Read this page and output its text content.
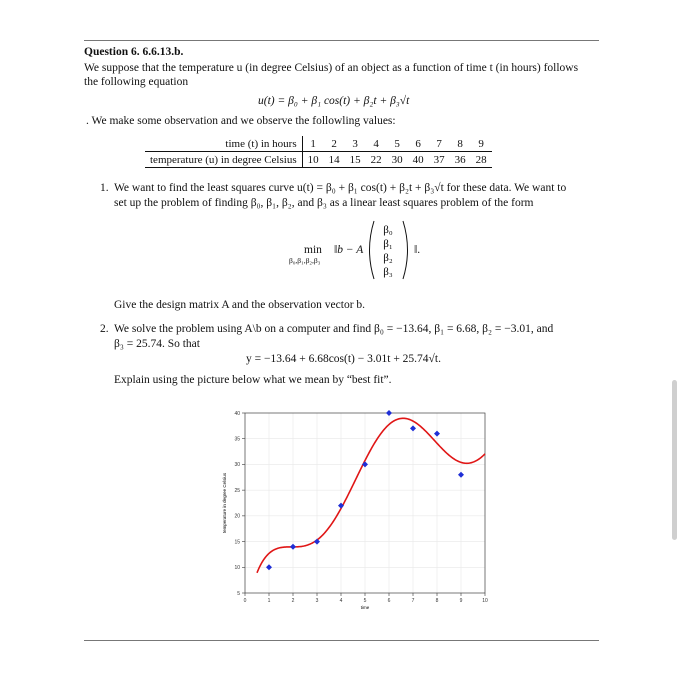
Question 6. 6.6.13.b.
We suppose that the temperature u (in degree Celsius) of an object as a function of time t (in hours) follows
the following equation
u(t) = β₀ + β₁ cos(t) + β₂t + β₃√t
. We make some observation and we observe the followling values:
time (t) in hours	1	2	3	4	5	6	7	8	9
temperature (u) in degree Celsius	10	14	15	22	30	40	37	36	28
1. We want to find the least squares curve u(t) = β₀ + β₁ cos(t) + β₂t + β₃√t for these data. We want to
set up the problem of finding β₀, β₁, β₂, and β₃ as a linear least squares problem of the form
min
β₀,β₁,β₂,β₃
‖b − A
β₀
β₁
β₂
β₃
‖.
Give the design matrix A and the observation vector b.
2. We solve the problem using A\b on a computer and find β₀ = −13.64, β₁ = 6.68, β₂ = −3.01, and
β₃ = 25.74. So that
y = −13.64 + 6.68cos(t) − 3.01t + 25.74√t.
Explain using the picture below what we mean by “best fit”.
0	1	2	3	4	5	6	7	8	9	10
5
10
15
20
25
30
35
40
time
temperature in degree Celsius
